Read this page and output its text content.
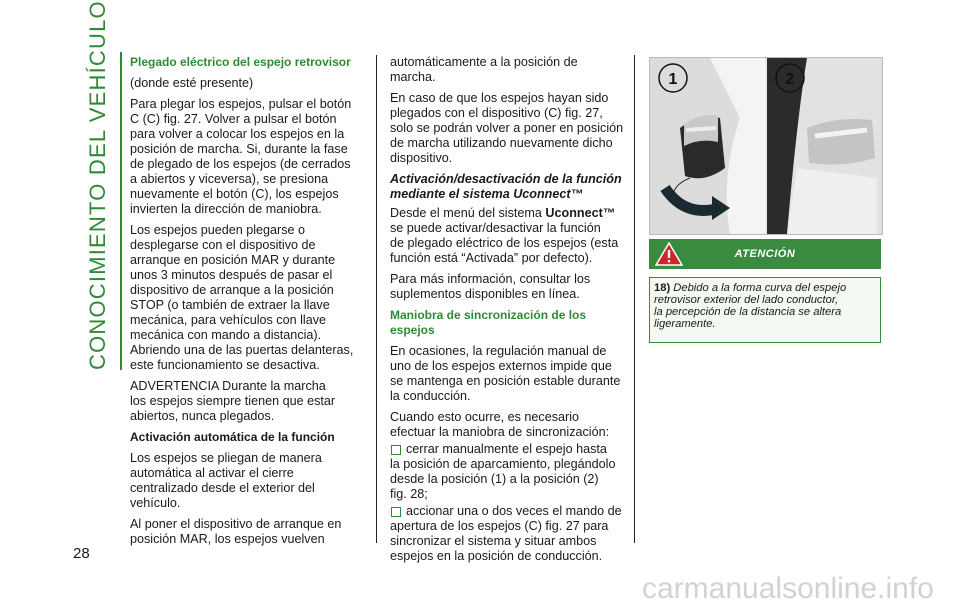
CONOCIMIENTO DEL VEHÍCULO	Plegado eléctrico del espejo retrovisor

(donde esté presente)

Para plegar los espejos, pulsar el botón
C (C) fig. 27. Volver a pulsar el botón
para volver a colocar los espejos en la
posición de marcha. Si, durante la fase
de plegado de los espejos (de cerrados
a abiertos y viceversa), se presiona
nuevamente el botón (C), los espejos
invierten la dirección de maniobra.

Los espejos pueden plegarse o
desplegarse con el dispositivo de
arranque en posición MAR y durante
unos 3 minutos después de pasar el
dispositivo de arranque a la posición
STOP (o también de extraer la llave
mecánica, para vehículos con llave
mecánica con mando a distancia).
Abriendo una de las puertas delanteras,
este funcionamiento se desactiva.

ADVERTENCIA Durante la marcha
los espejos siempre tienen que estar
abiertos, nunca plegados.

Activación automática de la función

Los espejos se pliegan de manera
automática al activar el cierre
centralizado desde el exterior del
vehículo.

Al poner el dispositivo de arranque en
posición MAR, los espejos vuelven

automáticamente a la posición de
marcha.

En caso de que los espejos hayan sido
plegados con el dispositivo (C) fig. 27,
solo se podrán volver a poner en posición
de marcha utilizando nuevamente dicho
dispositivo.

Activación/desactivación de la función
mediante el sistema Uconnect™

Desde el menú del sistema Uconnect™
se puede activar/desactivar la función
de plegado eléctrico de los espejos (esta
función está “Activada” por defecto).

Para más información, consultar los
suplementos disponibles en línea.

Maniobra de sincronización de los espejos

En ocasiones, la regulación manual de
uno de los espejos externos impide que
se mantenga en posición estable durante
la conducción.

Cuando esto ocurre, es necesario
efectuar la maniobra de sincronización:

cerrar manualmente el espejo hasta

la posición de aparcamiento, plegándolo
desde la posición (1) a la posición (2)
fig. 28;

accionar una o dos veces el mando de

apertura de los espejos (C) fig. 27 para
sincronizar el sistema y situar ambos
espejos en la posición de conducción.

1	2
ATENCIÓN
18) Debido a la forma curva del espejo
retrovisor exterior del lado conductor,
la percepción de la distancia se altera
ligeramente.
28
carmanualsonline.info
